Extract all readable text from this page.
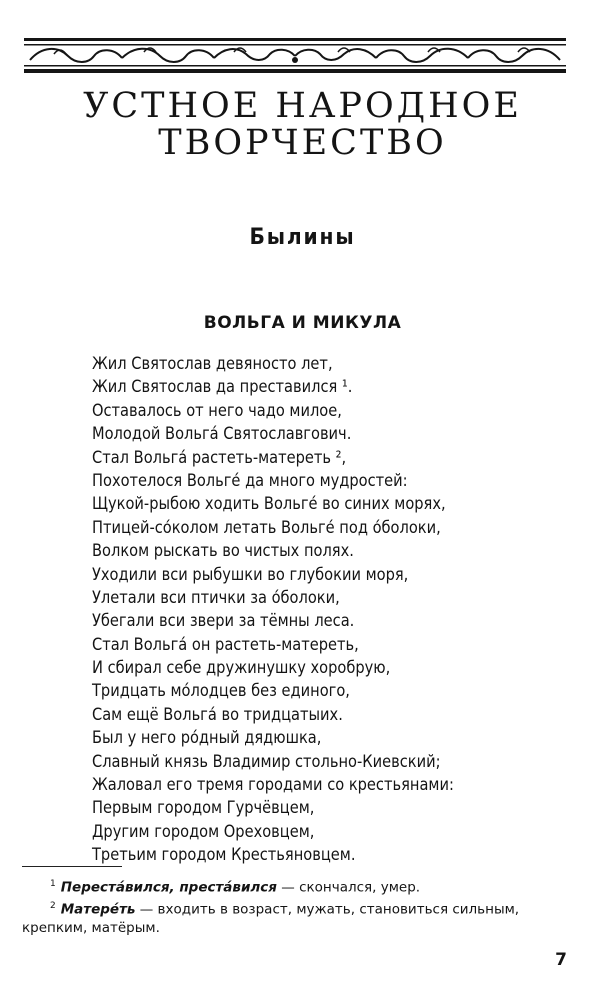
УСТНОЕ НАРОДНОЕ
ТВОРЧЕСТВО
Былины
ВОЛЬГА И МИКУЛА
Жил Святослав девяносто лет,
Жил Святослав да преставился ¹.
Оставалось от него чадо милое,
Молодой Вольга́ Святославгович.
Стал Вольга́ растеть-матереть ²,
Похотелося Вольге́ да много мудростей:
Щукой-рыбою ходить Вольге́ во синих морях,
Птицей-со́колом летать Вольге́ под о́болоки,
Волком рыскать во чистых полях.
Уходили вси рыбушки во глубокии моря,
Улетали вси птички за о́болоки,
Убегали вси звери за тёмны леса.
Стал Вольга́ он растеть-матереть,
И сбирал себе дружинушку хоробрую,
Тридцать мо́лодцев без единого,
Сам ещё Вольга́ во тридцатыих.
Был у него ро́дный дядюшка,
Славный князь Владимир стольно-Киевский;
Жаловал его тремя городами со крестьянами:
Первым городом Гурчёвцем,
Другим городом Ореховцем,
Третьим городом Крестьяновцем.
$^1$ Переста́вился, преста́вился — скончался, умер.
$^2$ Матере́ть — входить в возраст, мужать, становиться сильным,
крепким, матёрым.
7
